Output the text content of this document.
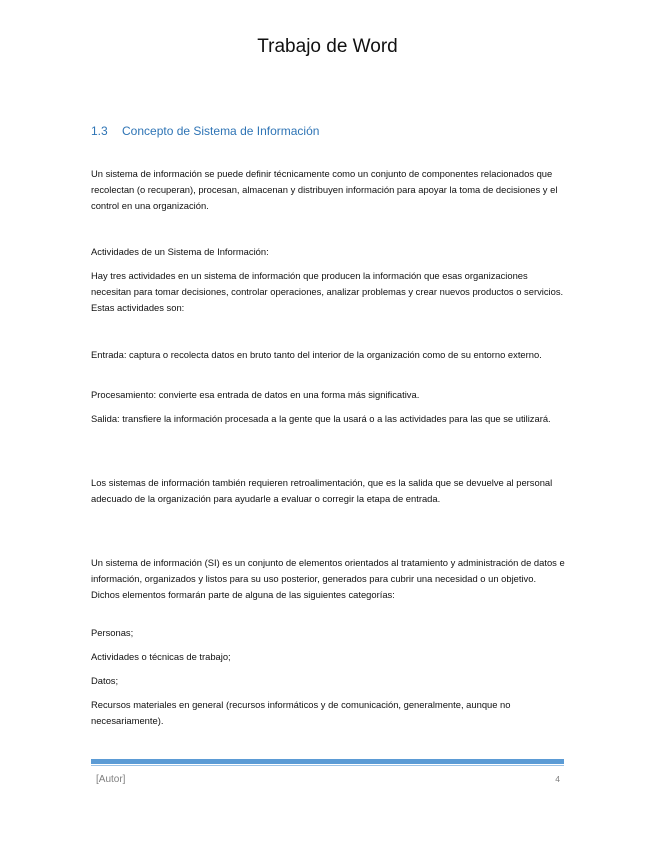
Trabajo de Word
1.3 Concepto de Sistema de Información

Un sistema de información se puede definir técnicamente como un conjunto de componentes relacionados que recolectan (o recuperan), procesan, almacenan y distribuyen información para apoyar la toma de decisiones y el control en una organización.

Actividades de un Sistema de Información:

Hay tres actividades en un sistema de información que producen la información que esas organizaciones necesitan para tomar decisiones, controlar operaciones, analizar problemas y crear nuevos productos o servicios. Estas actividades son:

Entrada: captura o recolecta datos en bruto tanto del interior de la organización como de su entorno externo.

Procesamiento: convierte esa entrada de datos en una forma más significativa.

Salida: transfiere la información procesada a la gente que la usará o a las actividades para las que se utilizará.

Los sistemas de información también requieren retroalimentación, que es la salida que se devuelve al personal adecuado de la organización para ayudarle a evaluar o corregir la etapa de entrada.

Un sistema de información (SI) es un conjunto de elementos orientados al tratamiento y administración de datos e información, organizados y listos para su uso posterior, generados para cubrir una necesidad o un objetivo. Dichos elementos formarán parte de alguna de las siguientes categorías:

Personas;

Actividades o técnicas de trabajo;

Datos;

Recursos materiales en general (recursos informáticos y de comunicación, generalmente, aunque no necesariamente).

[Autor]	4
